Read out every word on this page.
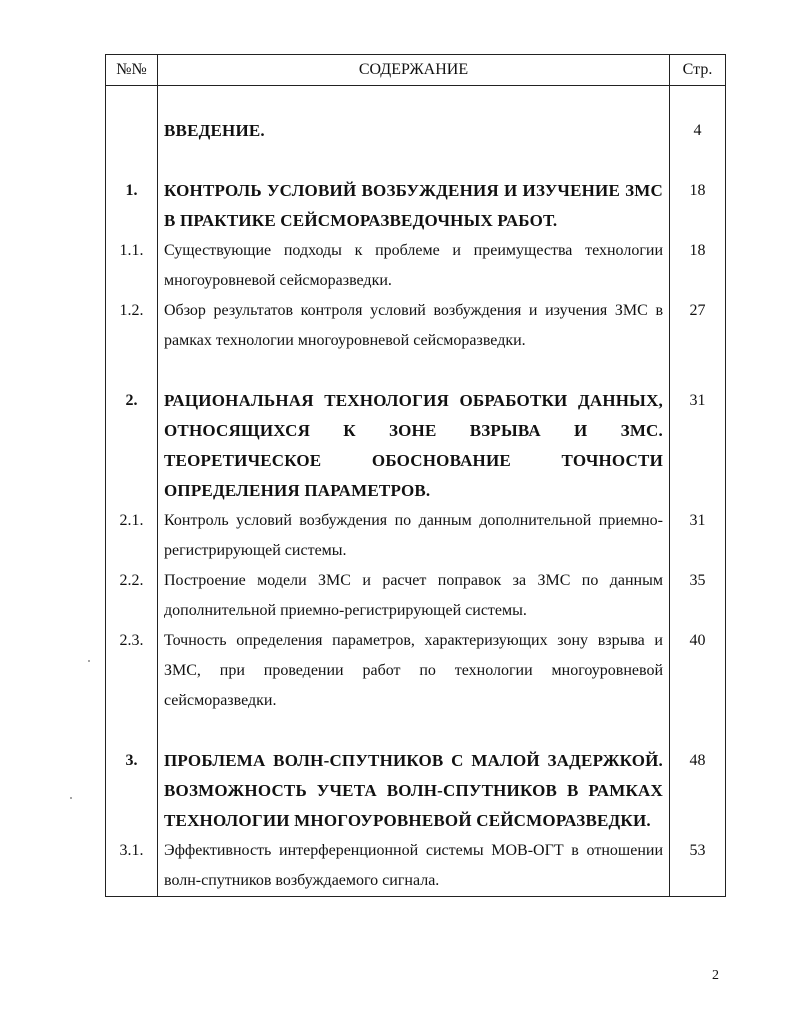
№№	СОДЕРЖАНИЕ	Стр.

	ВВЕДЕНИЕ.	4

1.	КОНТРОЛЬ УСЛОВИЙ ВОЗБУЖДЕНИЯ И ИЗУЧЕНИЕ ЗМС В ПРАКТИКЕ СЕЙСМОРАЗВЕДОЧНЫХ РАБОТ.	18
1.1.	Существующие подходы к проблеме и преимущества технологии многоуровневой сейсморазведки.	18
1.2.	Обзор результатов контроля условий возбуждения и изучения ЗМС в рамках технологии многоуровневой сейсморазведки.	27

2.	РАЦИОНАЛЬНАЯ ТЕХНОЛОГИЯ ОБРАБОТКИ ДАННЫХ, ОТНОСЯЩИХСЯ К ЗОНЕ ВЗРЫВА И ЗМС. ТЕОРЕТИЧЕСКОЕ ОБОСНОВАНИЕ ТОЧНОСТИ ОПРЕДЕЛЕНИЯ ПАРАМЕТРОВ.	31
2.1.	Контроль условий возбуждения по данным дополнительной приемно-регистрирующей системы.	31
2.2.	Построение модели ЗМС и расчет поправок за ЗМС по данным дополнительной приемно-регистрирующей системы.	35
2.3.	Точность определения параметров, характеризующих зону взрыва и ЗМС, при проведении работ по технологии многоуровневой сейсморазведки.	40

3.	ПРОБЛЕМА ВОЛН-СПУТНИКОВ С МАЛОЙ ЗАДЕРЖКОЙ. ВОЗМОЖНОСТЬ УЧЕТА ВОЛН-СПУТНИКОВ В РАМКАХ ТЕХНОЛОГИИ МНОГОУРОВНЕВОЙ СЕЙСМОРАЗВЕДКИ.	48
3.1.	Эффективность интерференционной системы МОВ-ОГТ в отношении волн-спутников возбуждаемого сигнала.	53
2
